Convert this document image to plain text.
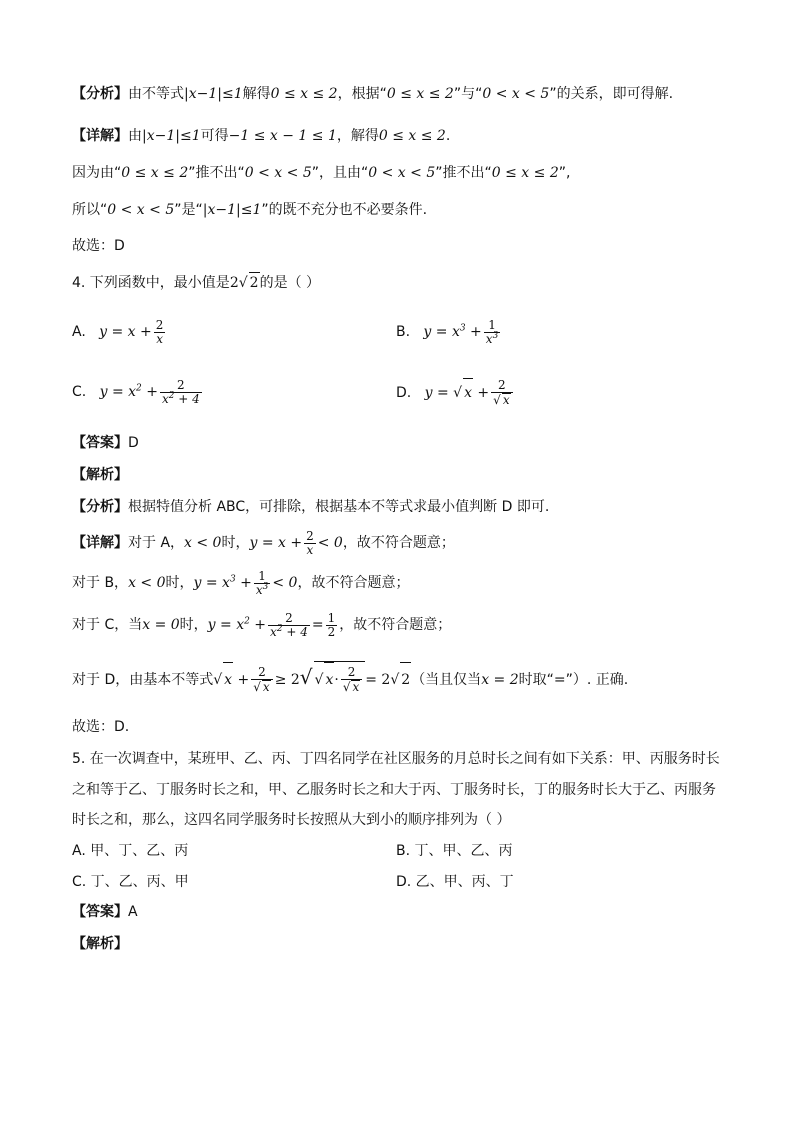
【分析】由不等式|x−1|≤1解得0 ≤ x ≤ 2，根据“0 ≤ x ≤ 2”与“0 < x < 5”的关系，即可得解.
【详解】由|x−1|≤1可得−1 ≤ x − 1 ≤ 1，解得0 ≤ x ≤ 2.
因为由“0 ≤ x ≤ 2”推不出“0 < x < 5”，且由“0 < x < 5”推不出“0 ≤ x ≤ 2”,
所以“0 < x < 5”是“|x−1|≤1”的既不充分也不必要条件.
故选：D
4. 下列函数中，最小值是2√ 2的是（ ）
A.   $y = x + \frac{2}{x}$	B.   $y = x^3 + \frac{1}{x^3}$
C.   $y = x^2 + \frac{2}{x^2 + 4}$	D.   y = √ $x + \frac{2}{√ x}$
【答案】D
【解析】
【分析】根据特值分析 ABC，可排除，根据基本不等式求最小值判断 D 即可.
【详解】对于 A，x < 0时，$y = x + \frac{2}{x} < 0$，故不符合题意；
对于 B，x < 0时，$y = x^3 + \frac{1}{x^3} < 0$，故不符合题意；
对于 C，当x = 0时，$y = x^2 + \frac{2}{x^2 + 4} = \frac{1}{2}$ ，故不符合题意；
对于 D，由基本不等式√ $x + \frac{2}{√ x} \ge 2√$ √ $x\cdot \frac{2}{√ x} = 2√$ 2（当且仅当x = 2时取“=”）. 正确.
故选：D.
5. 在一次调查中，某班甲、乙、丙、丁四名同学在社区服务的月总时长之间有如下关系：甲、丙服务时长
之和等于乙、丁服务时长之和，甲、乙服务时长之和大于丙、丁服务时长，丁的服务时长大于乙、丙服务
时长之和，那么，这四名同学服务时长按照从大到小的顺序排列为（ ）
A. 甲、丁、乙、丙	B. 丁、甲、乙、丙
C. 丁、乙、丙、甲	D. 乙、甲、丙、丁
【答案】A
【解析】
